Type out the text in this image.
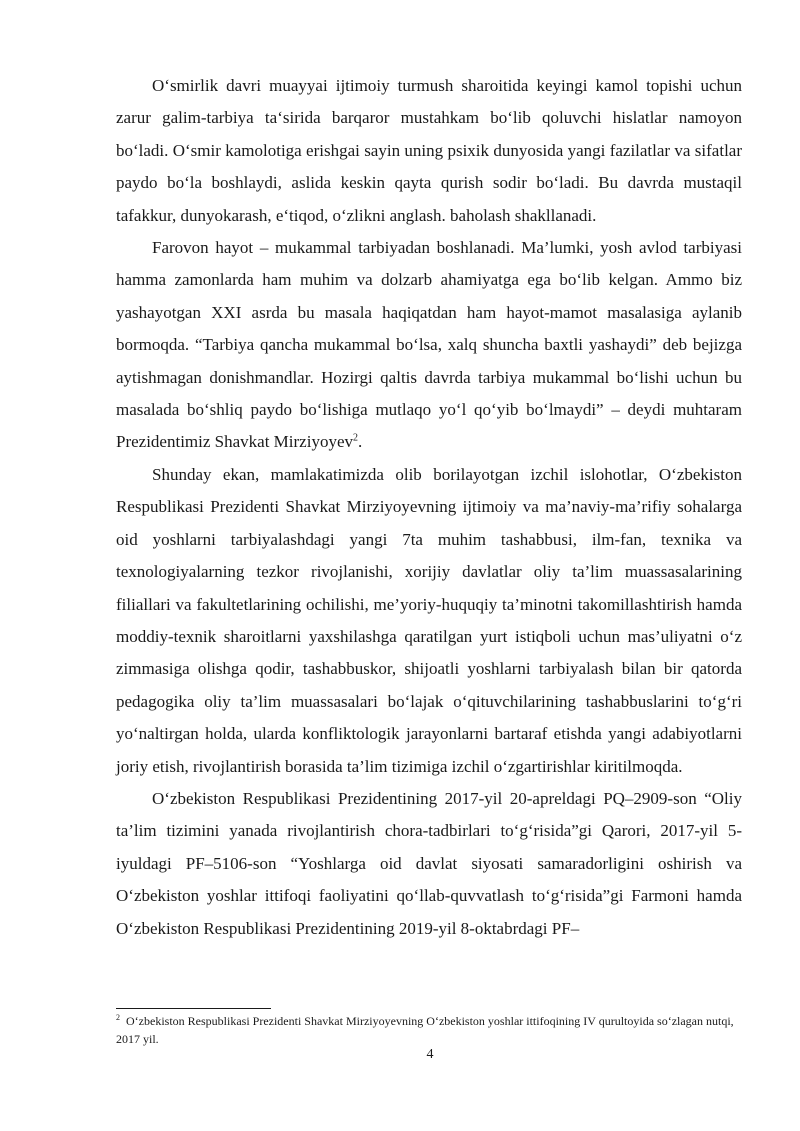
O‘smirlik davri muayyai ijtimoiy turmush sharoitida keyingi kamol topishi uchun zarur galim-tarbiya ta‘sirida barqaror mustahkam bo‘lib qoluvchi hislatlar namoyon bo‘ladi. O‘smir kamolotiga erishgai sayin uning psixik dunyosida yangi fazilatlar va sifatlar paydo bo‘la boshlaydi, aslida keskin qayta qurish sodir bo‘ladi. Bu davrda mustaqil tafakkur, dunyokarash, e‘tiqod, o‘zlikni anglash. baholash shakllanadi.

Farovon hayot – mukammal tarbiyadan boshlanadi. Ma’lumki, yosh avlod tarbiyasi hamma zamonlarda ham muhim va dolzarb ahamiyatga ega bo‘lib kelgan. Ammo biz yashayotgan XXI asrda bu masala haqiqatdan ham hayot-mamot masalasiga aylanib bormoqda. “Tarbiya qancha mukammal bo‘lsa, xalq shuncha baxtli yashaydi” deb bejizga aytishmagan donishmandlar. Hozirgi qaltis davrda tarbiya mukammal bo‘lishi uchun bu masalada bo‘shliq paydo bo‘lishiga mutlaqo yo‘l qo‘yib bo‘lmaydi” – deydi muhtaram Prezidentimiz Shavkat Mirziyoyev$^2$.

Shunday ekan, mamlakatimizda olib borilayotgan izchil islohotlar, O‘zbekiston Respublikasi Prezidenti Shavkat Mirziyoyevning ijtimoiy va ma’naviy-ma’rifiy sohalarga oid yoshlarni tarbiyalashdagi yangi 7ta muhim tashabbusi, ilm-fan, texnika va texnologiyalarning tezkor rivojlanishi, xorijiy davlatlar oliy ta’lim muassasalarining filiallari va fakultetlarining ochilishi, me’yoriy-huquqiy ta’minotni takomillashtirish hamda moddiy-texnik sharoitlarni yaxshilashga qaratilgan yurt istiqboli uchun mas’uliyatni o‘z zimmasiga olishga qodir, tashabbuskor, shijoatli yoshlarni tarbiyalash bilan bir qatorda pedagogika oliy ta’lim muassasalari bo‘lajak o‘qituvchilarining tashabbuslarini to‘g‘ri yo‘naltirgan holda, ularda konfliktologik jarayonlarni bartaraf etishda yangi adabiyotlarni joriy etish, rivojlantirish borasida ta’lim tizimiga izchil o‘zgartirishlar kiritilmoqda.

O‘zbekiston Respublikasi Prezidentining 2017-yil 20-apreldagi PQ–2909-son “Oliy ta’lim tizimini yanada rivojlantirish chora-tadbirlari to‘g‘risida”gi Qarori, 2017-yil 5-iyuldagi PF–5106-son “Yoshlarga oid davlat siyosati samaradorligini oshirish va O‘zbekiston yoshlar ittifoqi faoliyatini qo‘llab-quvvatlash to‘g‘risida”gi Farmoni hamda O‘zbekiston Respublikasi Prezidentining 2019-yil 8-oktabrdagi PF–

$^2$ O‘zbekiston Respublikasi Prezidenti Shavkat Mirziyoyevning O‘zbekiston yoshlar ittifoqining IV qurultoyida so‘zlagan nutqi, 2017 yil.

4
